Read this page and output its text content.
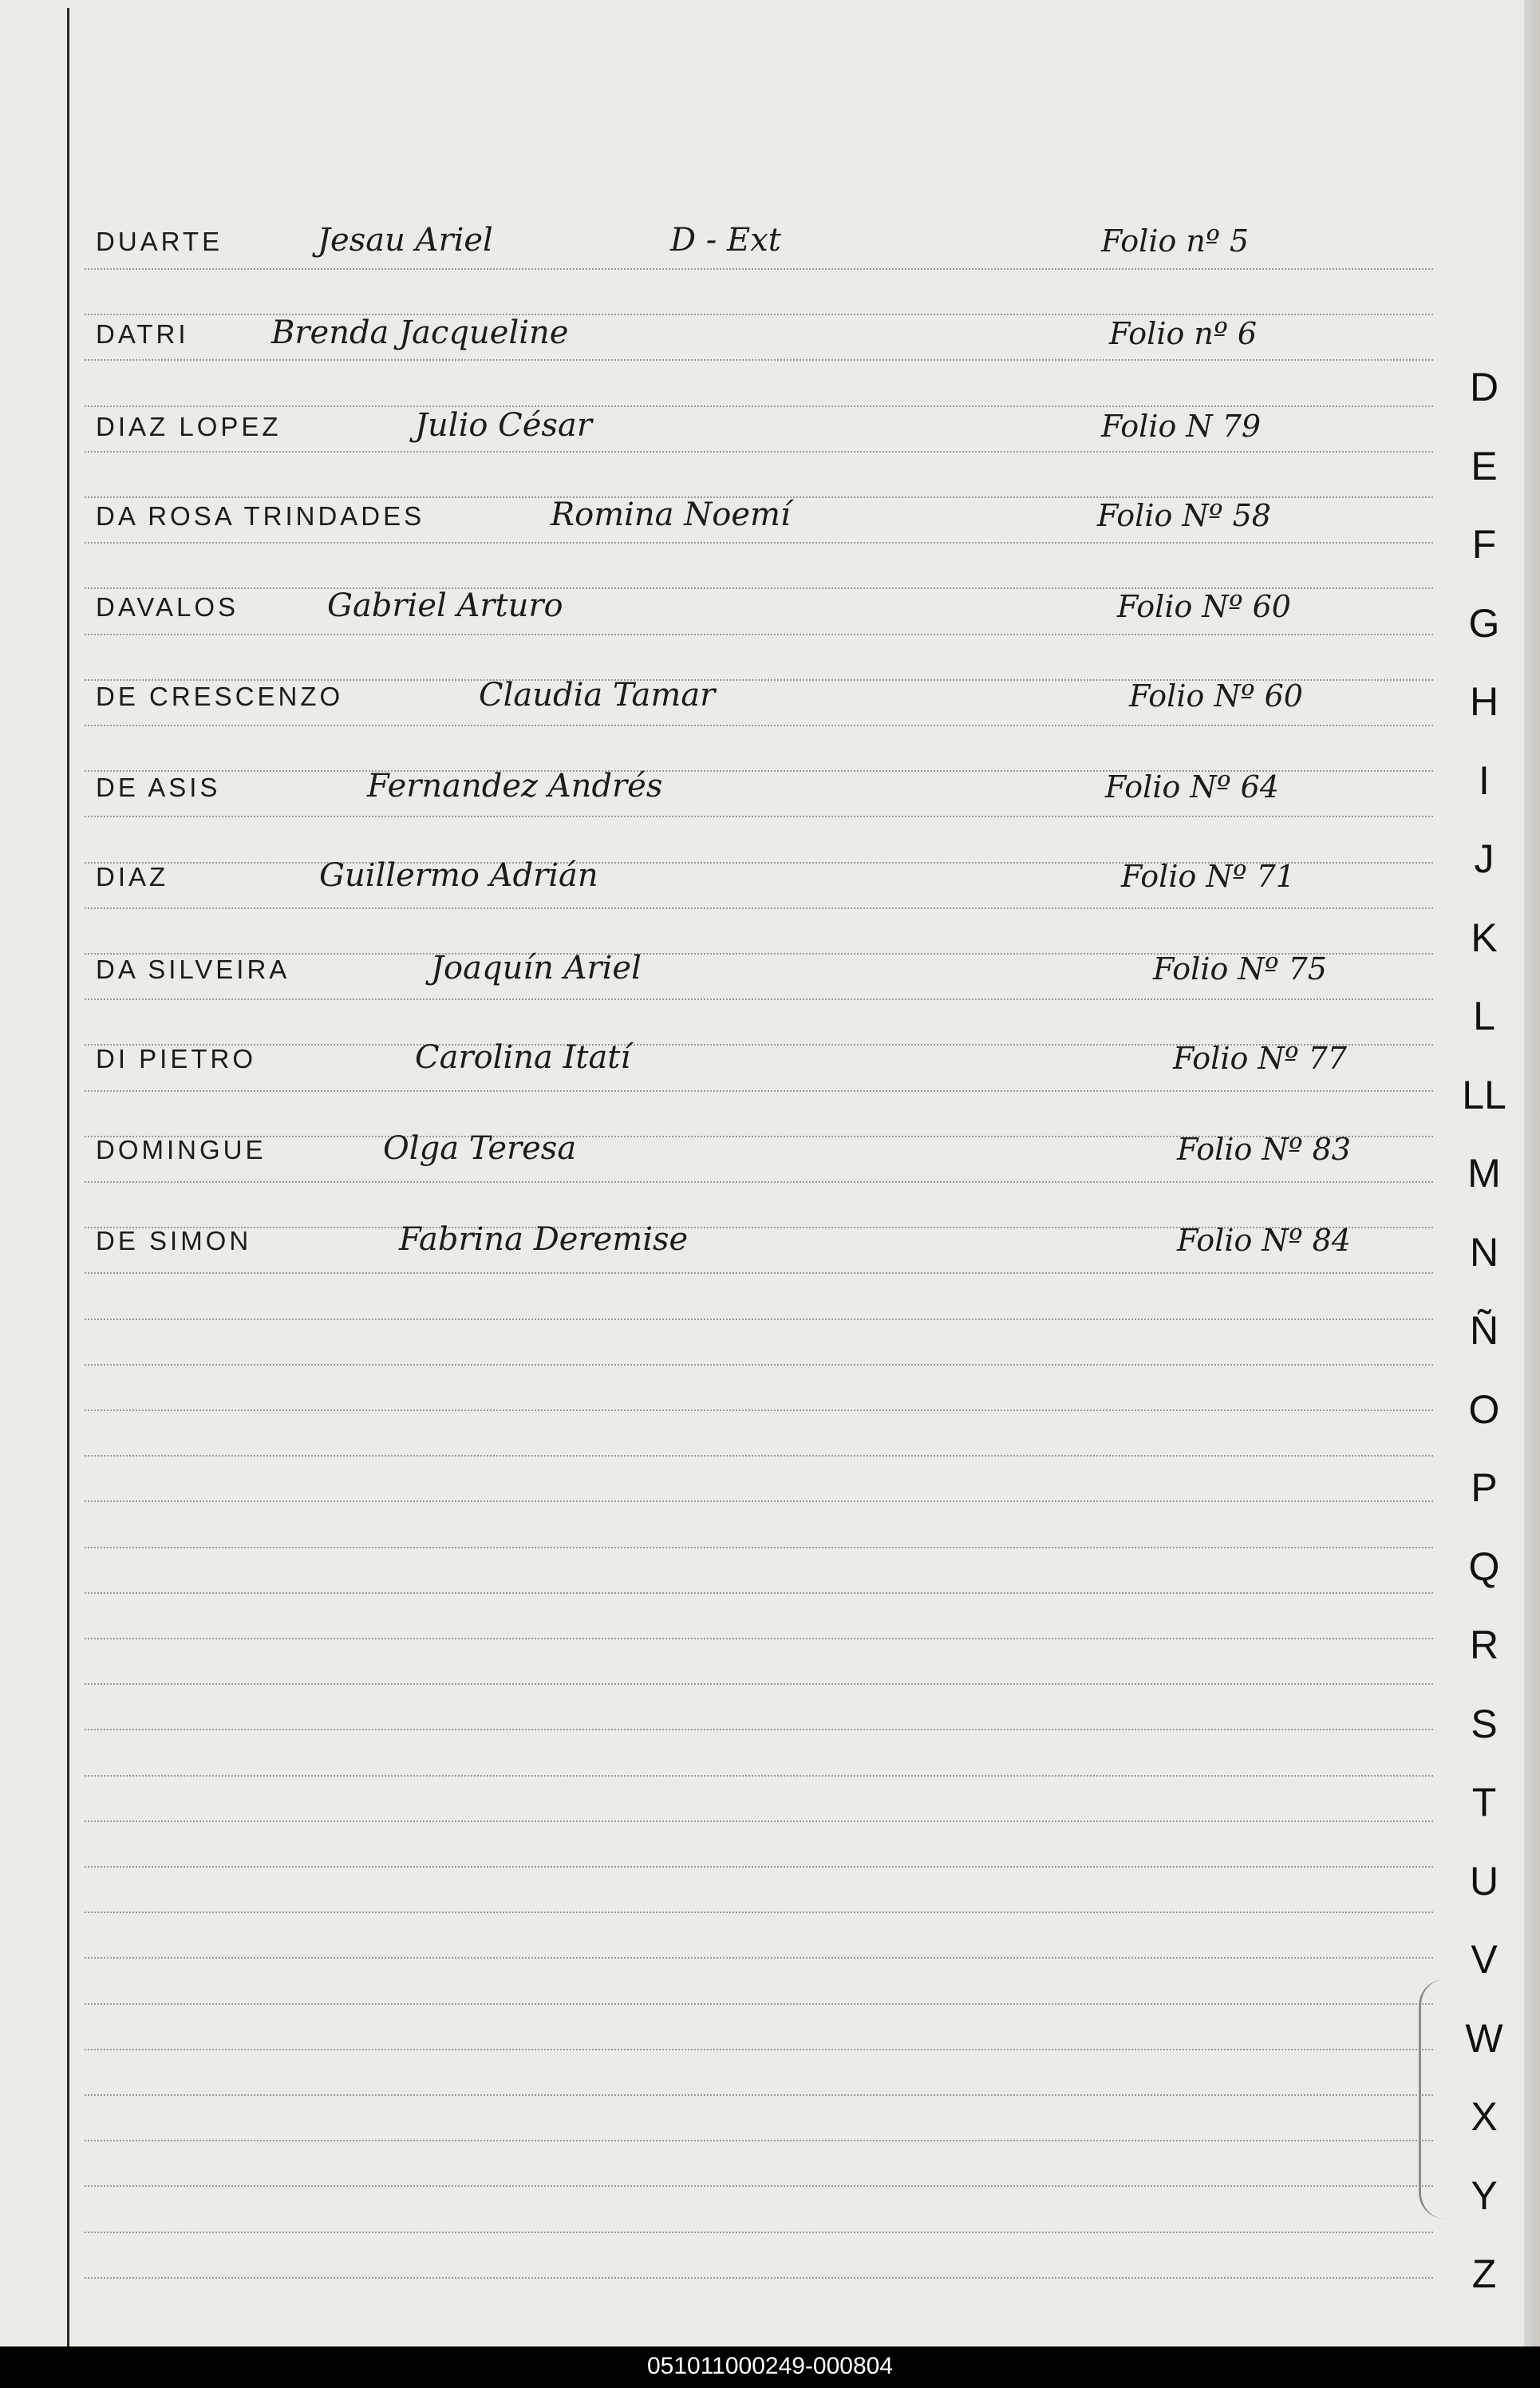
DUARTE	Jesau Ariel	D - Ext	Folio nº 5
DATRI	Brenda Jacqueline	Folio nº 6
DIAZ LOPEZ	Julio César	Folio N 79
DA ROSA TRINDADES	Romina Noemí	Folio Nº 58
DAVALOS	Gabriel Arturo	Folio Nº 60
DE CRESCENZO	Claudia Tamar	Folio Nº 60
DE ASIS	Fernandez Andrés	Folio Nº 64
DIAZ	Guillermo Adrián	Folio Nº 71
DA SILVEIRA	Joaquín Ariel	Folio Nº 75
DI PIETRO	Carolina Itatí	Folio Nº 77
DOMINGUE	Olga Teresa	Folio Nº 83
DE SIMON	Fabrina Deremise	Folio Nº 84
D
E
F
G
H
I
J
K
L
LL
M
N
Ñ
O
P
Q
R
S
T
U
V
W
X
Y
Z
051011000249-000804
